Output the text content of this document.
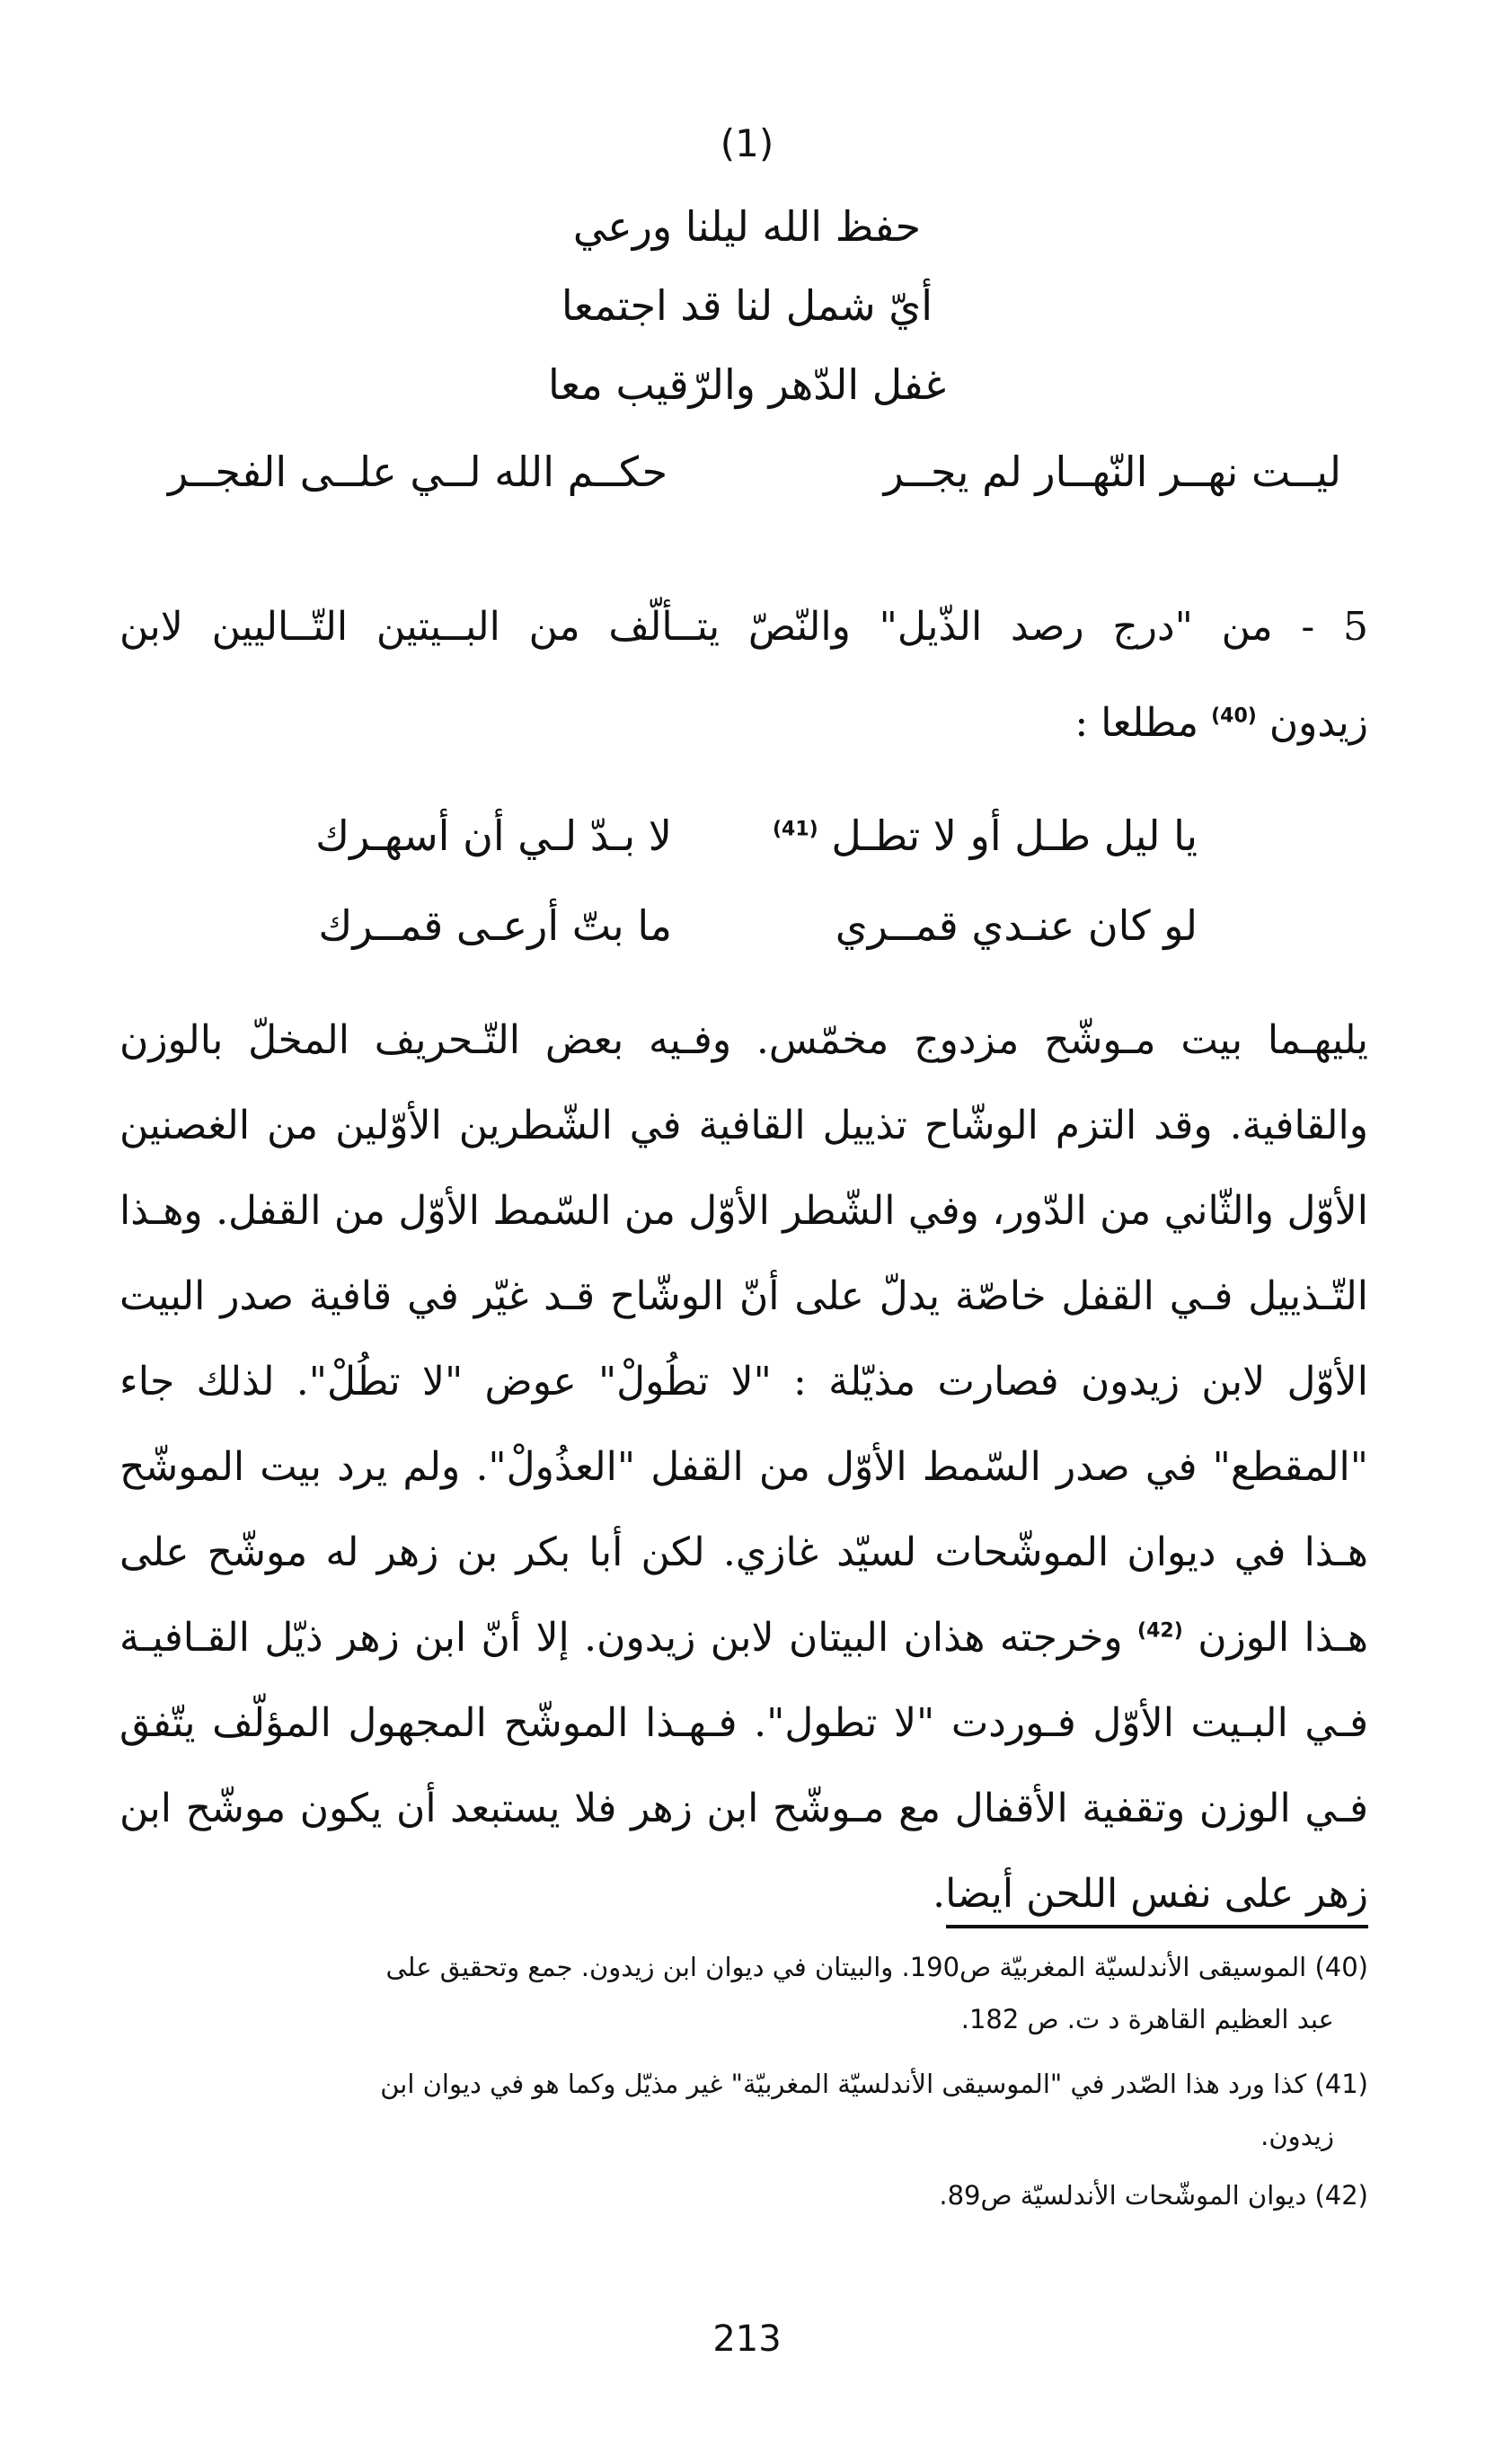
(1)
حفظ الله ليلنا ورعي
أيّ شمل لنا قد اجتمعا
غفل الدّهر والرّقيب معا
ليــت نهــر النّهــار لم يجــر
حكــم الله لــي علــى الفجــر
5 - من "درج رصد الذّيل" والنّصّ يتــألّف من البــيتين التّــاليين لابن
زيدون $^{(40)}$ مطلعا :
يا ليل طـل أو لا تطـل $^{(41)}$
لا بـدّ لـي أن أسهـرك
لو كان عنـدي قمــري
ما بتّ أرعـى قمــرك

يليهـما بيت مـوشّح مزدوج مخمّس. وفـيه بعض التّـحريف المخلّ بالوزن والقافية. وقد التزم الوشّاح تذييل القافية في الشّطرين الأوّلين من الغصنين الأوّل والثّاني من الدّور، وفي الشّطر الأوّل من السّمط الأوّل من القفل. وهـذا التّـذييل فـي القفل خاصّة يدلّ على أنّ الوشّاح قـد غيّر في قافية صدر البيت الأوّل لابن زيدون فصارت مذيّلة : "لا تطُولْ" عوض "لا تطُلْ". لذلك جاء "المقطع" في صدر السّمط الأوّل من القفل "العذُولْ". ولم يرد بيت الموشّح هـذا في ديوان الموشّحات لسيّد غازي. لكن أبا بكر بن زهر له موشّح على هـذا الوزن $^{(42)}$ وخرجته هذان البيتان لابن زيدون. إلا أنّ ابن زهر ذيّل القـافيـة فـي البـيت الأوّل فـوردت "لا تطول". فـهـذا الموشّح المجهول المؤلّف يتّفق فـي الوزن وتقفية الأقفال مع مـوشّح ابن زهر فلا يستبعد أن يكون موشّح ابن زهر على نفس اللحن أيضا.

(40) الموسيقى الأندلسيّة المغربيّة ص190. والبيتان في ديوان ابن زيدون. جمع وتحقيق على
عبد العظيم القاهرة د ت. ص 182.
(41) كذا ورد هذا الصّدر في "الموسيقى الأندلسيّة المغربيّة" غير مذيّل وكما هو في ديوان ابن
زيدون.
(42) ديوان الموشّحات الأندلسيّة ص89.
213
